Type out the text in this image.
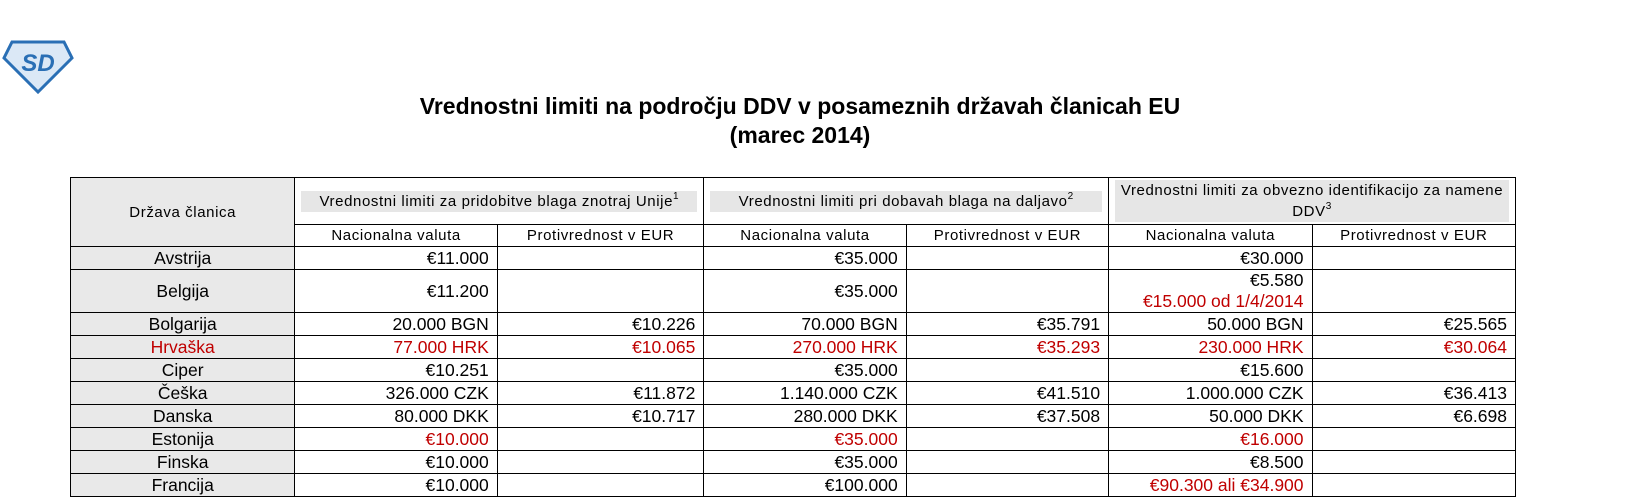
SD
Vrednostni limiti na področju DDV v posameznih državah članicah EU
(marec 2014)
Država članica	Vrednostni limiti za pridobitve blaga znotraj Unije$^1$		Vrednostni limiti pri dobavah blaga na daljavo$^2$		Vrednostni limiti za obvezno identifikacijo za namene DDV$^3$
	Nacionalna valuta	Protivrednost v EUR	Nacionalna valuta	Protivrednost v EUR	Nacionalna valuta	Protivrednost v EUR
Avstrija	€11.000		€35.000		€30.000	
Belgija	€11.200		€35.000		€5.580
€15.000 od 1/4/2014	

Bolgarija	20.000 BGN	€10.226	70.000 BGN	€35.791	50.000 BGN	€25.565
Hrvaška	77.000 HRK	€10.065	270.000 HRK	€35.293	230.000 HRK	€30.064
Ciper	€10.251		€35.000		€15.600	
Češka	326.000 CZK	€11.872	1.140.000 CZK	€41.510	1.000.000 CZK	€36.413
Danska	80.000 DKK	€10.717	280.000 DKK	€37.508	50.000 DKK	€6.698
Estonija	€10.000		€35.000		€16.000	
Finska	€10.000		€35.000		€8.500	
Francija	€10.000		€100.000		€90.300 ali €34.900	
